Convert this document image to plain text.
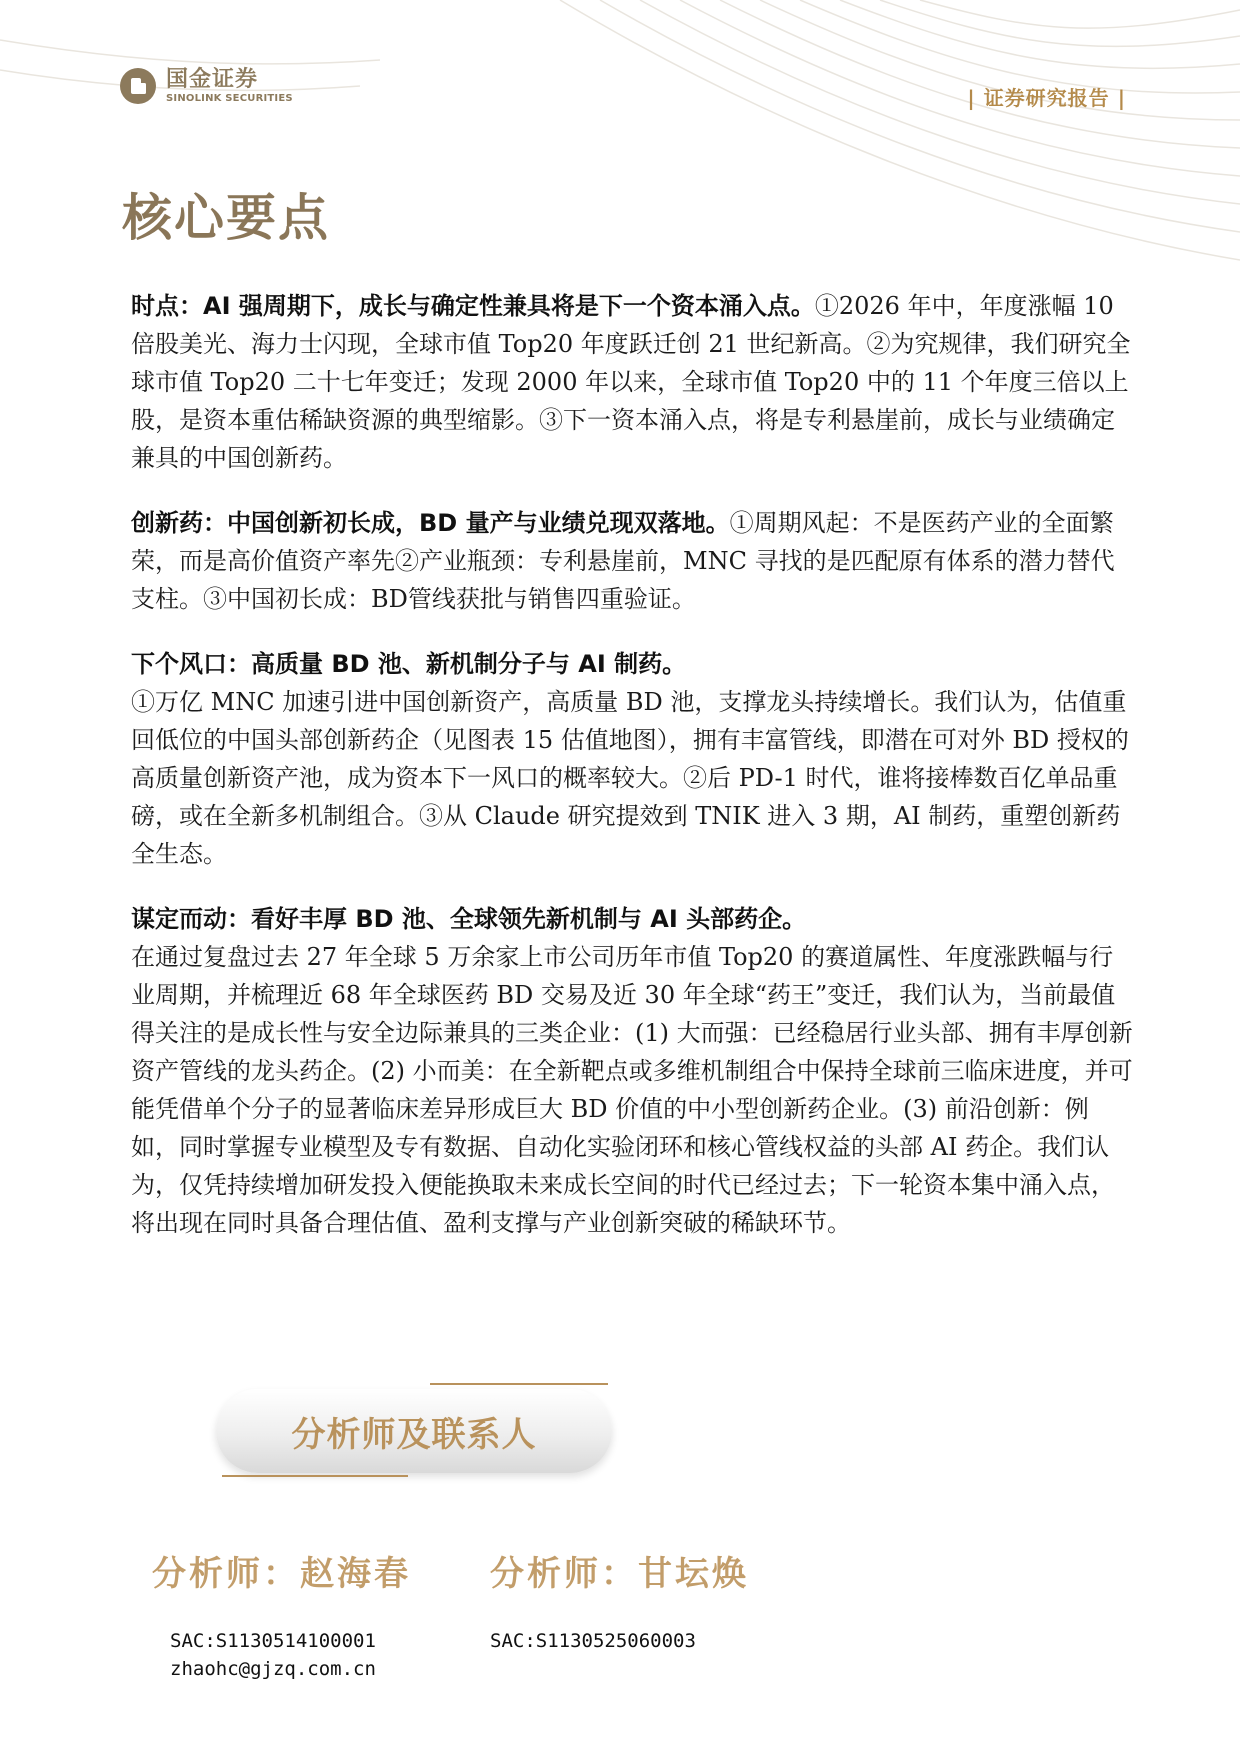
国金证券
SINOLINK SECURITIES	| 证券研究报告 |
核心要点

时点：AI 强周期下，成长与确定性兼具将是下一个资本涌入点。①2026 年中，年度涨幅 10 倍股美光、海力士闪现，全球市值 Top20 年度跃迁创 21 世纪新高。②为究规律，我们研究全球市值 Top20 二十七年变迁；发现 2000 年以来，全球市值 Top20 中的 11 个年度三倍以上股，是资本重估稀缺资源的典型缩影。③下一资本涌入点，将是专利悬崖前，成长与业绩确定兼具的中国创新药。

创新药：中国创新初长成，BD 量产与业绩兑现双落地。①周期风起：不是医药产业的全面繁荣，而是高价值资产率先②产业瓶颈：专利悬崖前，MNC 寻找的是匹配原有体系的潜力替代支柱。③中国初长成：BD管线获批与销售四重验证。

下个风口：高质量 BD 池、新机制分子与 AI 制药。
①万亿 MNC 加速引进中国创新资产，高质量 BD 池，支撑龙头持续增长。我们认为，估值重回低位的中国头部创新药企（见图表 15 估值地图），拥有丰富管线，即潜在可对外 BD 授权的高质量创新资产池，成为资本下一风口的概率较大。②后 PD-1 时代，谁将接棒数百亿单品重磅，或在全新多机制组合。③从 Claude 研究提效到 TNIK 进入 3 期，AI 制药，重塑创新药全生态。

谋定而动：看好丰厚 BD 池、全球领先新机制与 AI 头部药企。
在通过复盘过去 27 年全球 5 万余家上市公司历年市值 Top20 的赛道属性、年度涨跌幅与行业周期，并梳理近 68 年全球医药 BD 交易及近 30 年全球“药王”变迁，我们认为，当前最值得关注的是成长性与安全边际兼具的三类企业：(1) 大而强：已经稳居行业头部、拥有丰厚创新资产管线的龙头药企。(2) 小而美：在全新靶点或多维机制组合中保持全球前三临床进度，并可能凭借单个分子的显著临床差异形成巨大 BD 价值的中小型创新药企业。(3) 前沿创新：例如，同时掌握专业模型及专有数据、自动化实验闭环和核心管线权益的头部 AI 药企。我们认为，仅凭持续增加研发投入便能换取未来成长空间的时代已经过去；下一轮资本集中涌入点，将出现在同时具备合理估值、盈利支撑与产业创新突破的稀缺环节。

分析师及联系人

分析师：赵海春

SAC:S1130514100001
zhaohc@gjzq.com.cn

分析师：甘坛焕

SAC:S1130525060003
